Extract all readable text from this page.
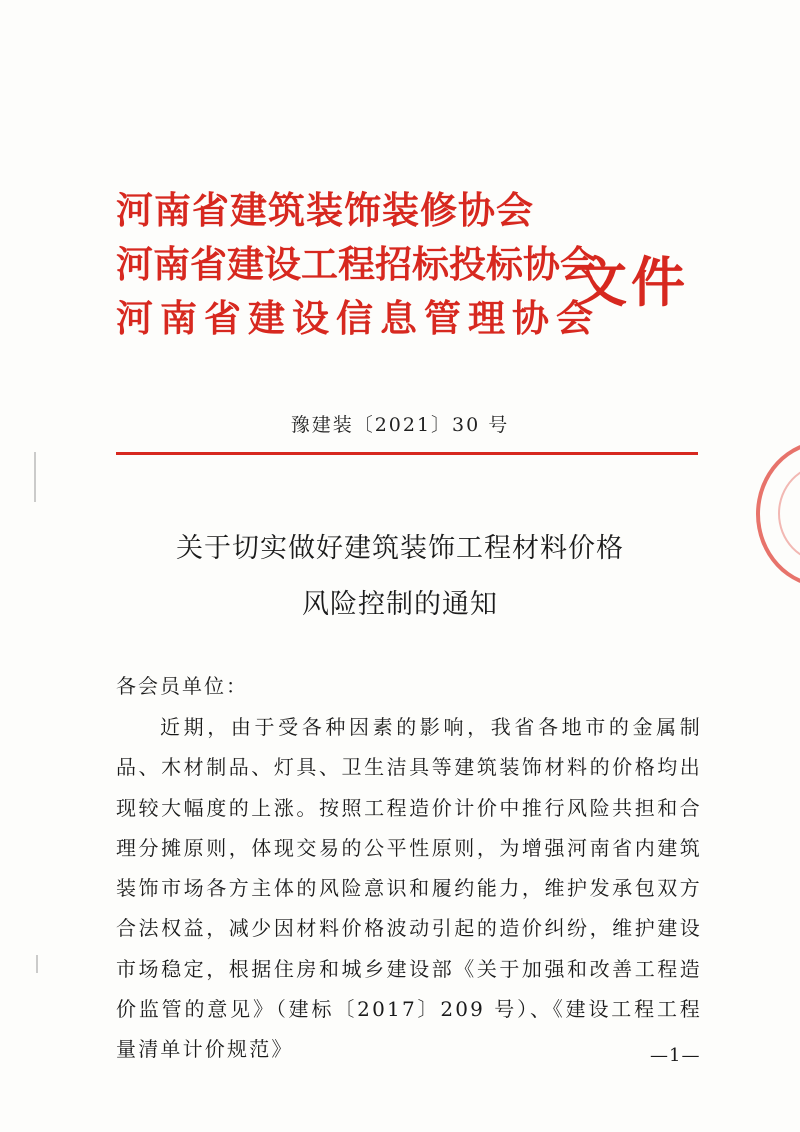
河南省建筑装饰装修协会
河南省建设工程招标投标协会
河南省建设信息管理协会
文件
豫建装〔2021〕30 号
关于切实做好建筑装饰工程材料价格
风险控制的通知
各会员单位：
近期，由于受各种因素的影响，我省各地市的金属制品、木材制品、灯具、卫生洁具等建筑装饰材料的价格均出现较大幅度的上涨。按照工程造价计价中推行风险共担和合理分摊原则，体现交易的公平性原则，为增强河南省内建筑装饰市场各方主体的风险意识和履约能力，维护发承包双方合法权益，减少因材料价格波动引起的造价纠纷，维护建设市场稳定，根据住房和城乡建设部《关于加强和改善工程造价监管的意见》（建标〔2017〕209 号）、《建设工程工程量清单计价规范》	—1—
